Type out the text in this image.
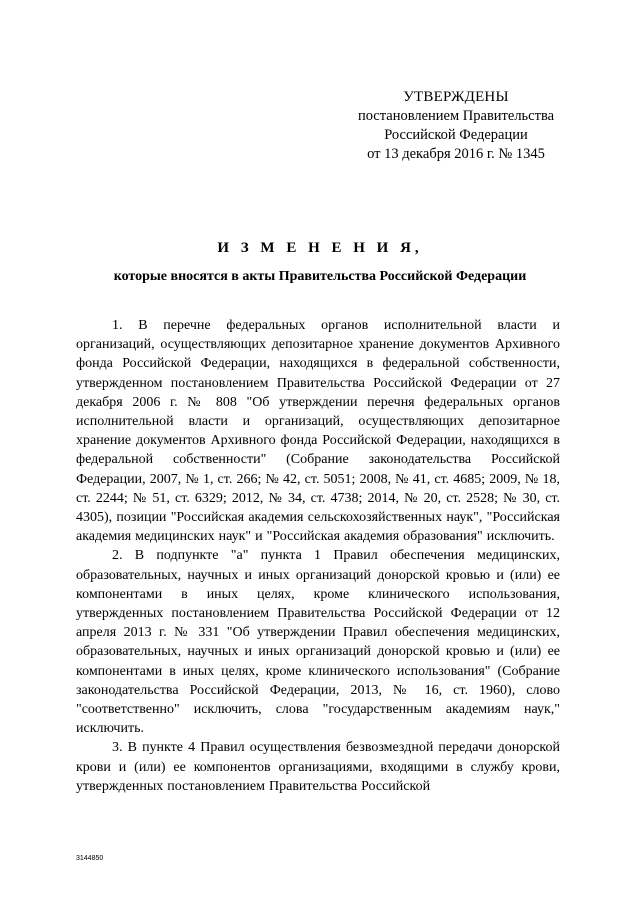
УТВЕРЖДЕНЫ
постановлением Правительства
Российской Федерации
от 13 декабря 2016 г. № 1345
И З М Е Н Е Н И Я,
которые вносятся в акты Правительства Российской Федерации

1. В перечне федеральных органов исполнительной власти и организаций, осуществляющих депозитарное хранение документов Архивного фонда Российской Федерации, находящихся в федеральной собственности, утвержденном постановлением Правительства Российской Федерации от 27 декабря 2006 г. № 808 "Об утверждении перечня федеральных органов исполнительной власти и организаций, осуществляющих депозитарное хранение документов Архивного фонда Российской Федерации, находящихся в федеральной собственности" (Собрание законодательства Российской Федерации, 2007, № 1, ст. 266; № 42, ст. 5051; 2008, № 41, ст. 4685; 2009, № 18, ст. 2244; № 51, ст. 6329; 2012, № 34, ст. 4738; 2014, № 20, ст. 2528; № 30, ст. 4305), позиции "Российская академия сельскохозяйственных наук", "Российская академия медицинских наук" и "Российская академия образования" исключить.

2. В подпункте "а" пункта 1 Правил обеспечения медицинских, образовательных, научных и иных организаций донорской кровью и (или) ее компонентами в иных целях, кроме клинического использования, утвержденных постановлением Правительства Российской Федерации от 12 апреля 2013 г. № 331 "Об утверждении Правил обеспечения медицинских, образовательных, научных и иных организаций донорской кровью и (или) ее компонентами в иных целях, кроме клинического использования" (Собрание законодательства Российской Федерации, 2013, № 16, ст. 1960), слово "соответственно" исключить, слова "государственным академиям наук," исключить.

3. В пункте 4 Правил осуществления безвозмездной передачи донорской крови и (или) ее компонентов организациями, входящими в службу крови, утвержденных постановлением Правительства Российской

3144850
